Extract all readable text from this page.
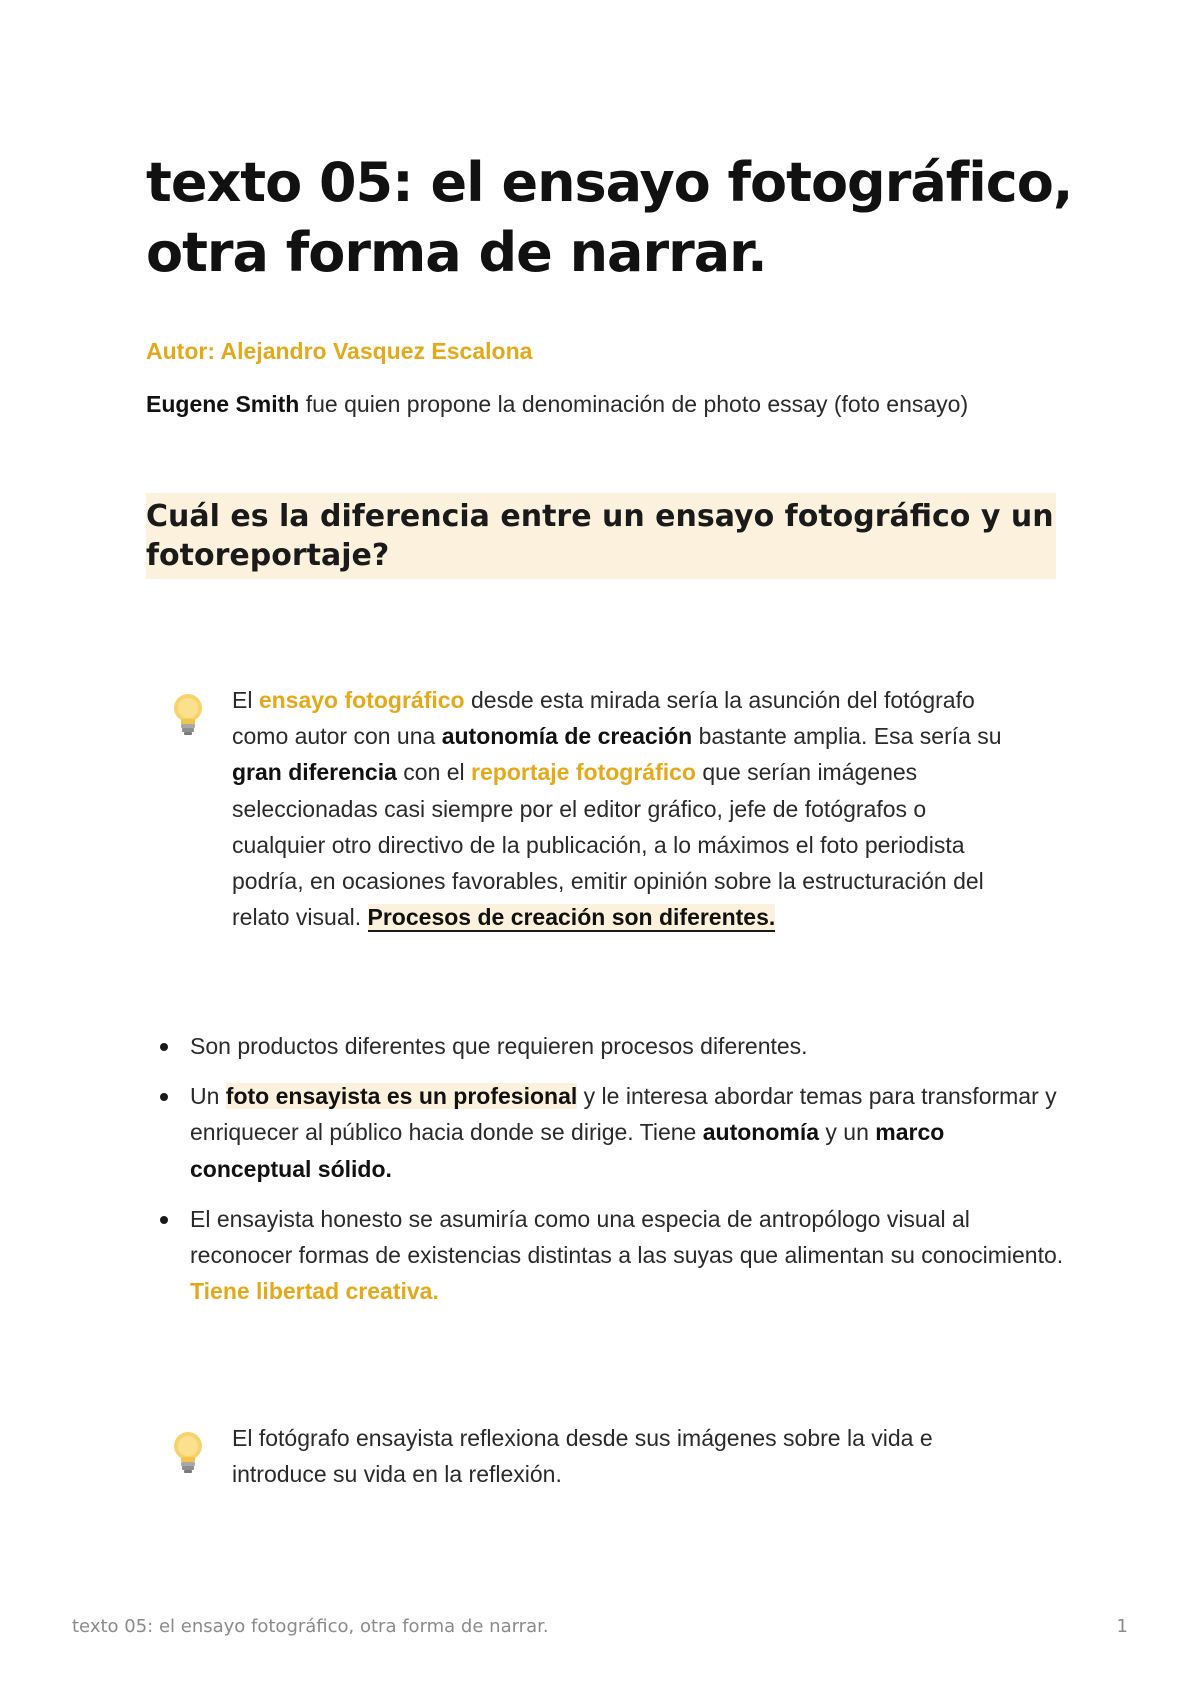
texto 05: el ensayo fotográfico, otra forma de narrar.

Autor: Alejandro Vasquez Escalona

Eugene Smith fue quien propone la denominación de photo essay (foto ensayo)

Cuál es la diferencia entre un ensayo fotográfico y un fotoreportaje?

El ensayo fotográfico desde esta mirada sería la asunción del fotógrafo como autor con una autonomía de creación bastante amplia. Esa sería su gran diferencia con el reportaje fotográfico que serían imágenes seleccionadas casi siempre por el editor gráfico, jefe de fotógrafos o cualquier otro directivo de la publicación, a lo máximos el foto periodista podría, en ocasiones favorables, emitir opinión sobre la estructuración del relato visual. Procesos de creación son diferentes.

Son productos diferentes que requieren procesos diferentes.
Un foto ensayista es un profesional y le interesa abordar temas para transformar y enriquecer al público hacia donde se dirige. Tiene autonomía y un marco conceptual sólido.
El ensayista honesto se asumiría como una especia de antropólogo visual al reconocer formas de existencias distintas a las suyas que alimentan su conocimiento. Tiene libertad creativa.

El fotógrafo ensayista reflexiona desde sus imágenes sobre la vida e introduce su vida en la reflexión.

texto 05: el ensayo fotográfico, otra forma de narrar.	1
